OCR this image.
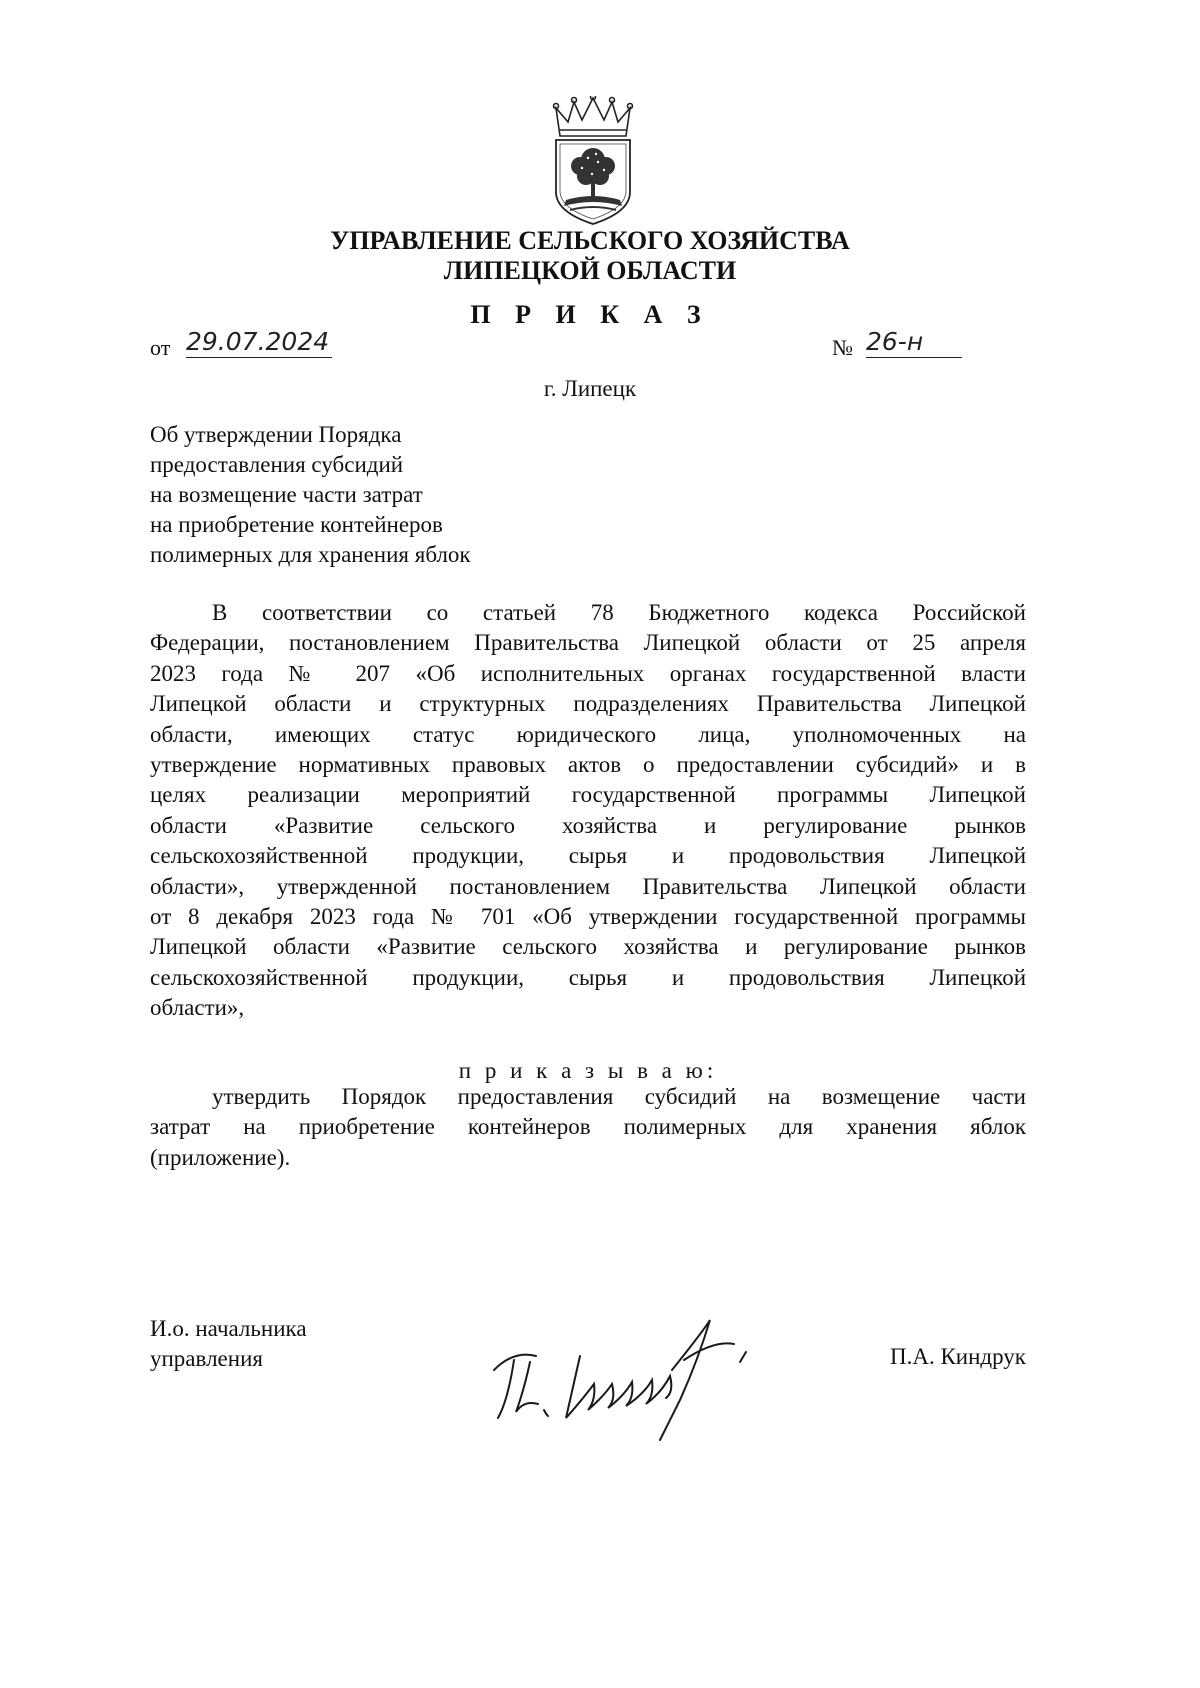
УПРАВЛЕНИЕ СЕЛЬСКОГО ХОЗЯЙСТВА
ЛИПЕЦКОЙ ОБЛАСТИ
П Р И К А З
от 29.07.2024	№ 26-н
г. Липецк
Об утверждении Порядка
предоставления субсидий
на возмещение части затрат
на приобретение контейнеров
полимерных для хранения яблок
В соответствии со статьей 78 Бюджетного кодекса Российской
Федерации, постановлением Правительства Липецкой области от 25 апреля
2023 года № 207 «Об исполнительных органах государственной власти
Липецкой области и структурных подразделениях Правительства Липецкой
области, имеющих статус юридического лица, уполномоченных на
утверждение нормативных правовых актов о предоставлении субсидий» и в
целях реализации мероприятий государственной программы Липецкой
области «Развитие сельского хозяйства и регулирование рынков
сельскохозяйственной продукции, сырья и продовольствия Липецкой
области», утвержденной постановлением Правительства Липецкой области
от 8 декабря 2023 года № 701 «Об утверждении государственной программы
Липецкой области «Развитие сельского хозяйства и регулирование рынков
сельскохозяйственной продукции, сырья и продовольствия Липецкой
области»,
п р и к а з ы в а ю:
утвердить Порядок предоставления субсидий на возмещение части
затрат на приобретение контейнеров полимерных для хранения яблок
(приложение).
И.о. начальника
управления	П.А. Киндрук
